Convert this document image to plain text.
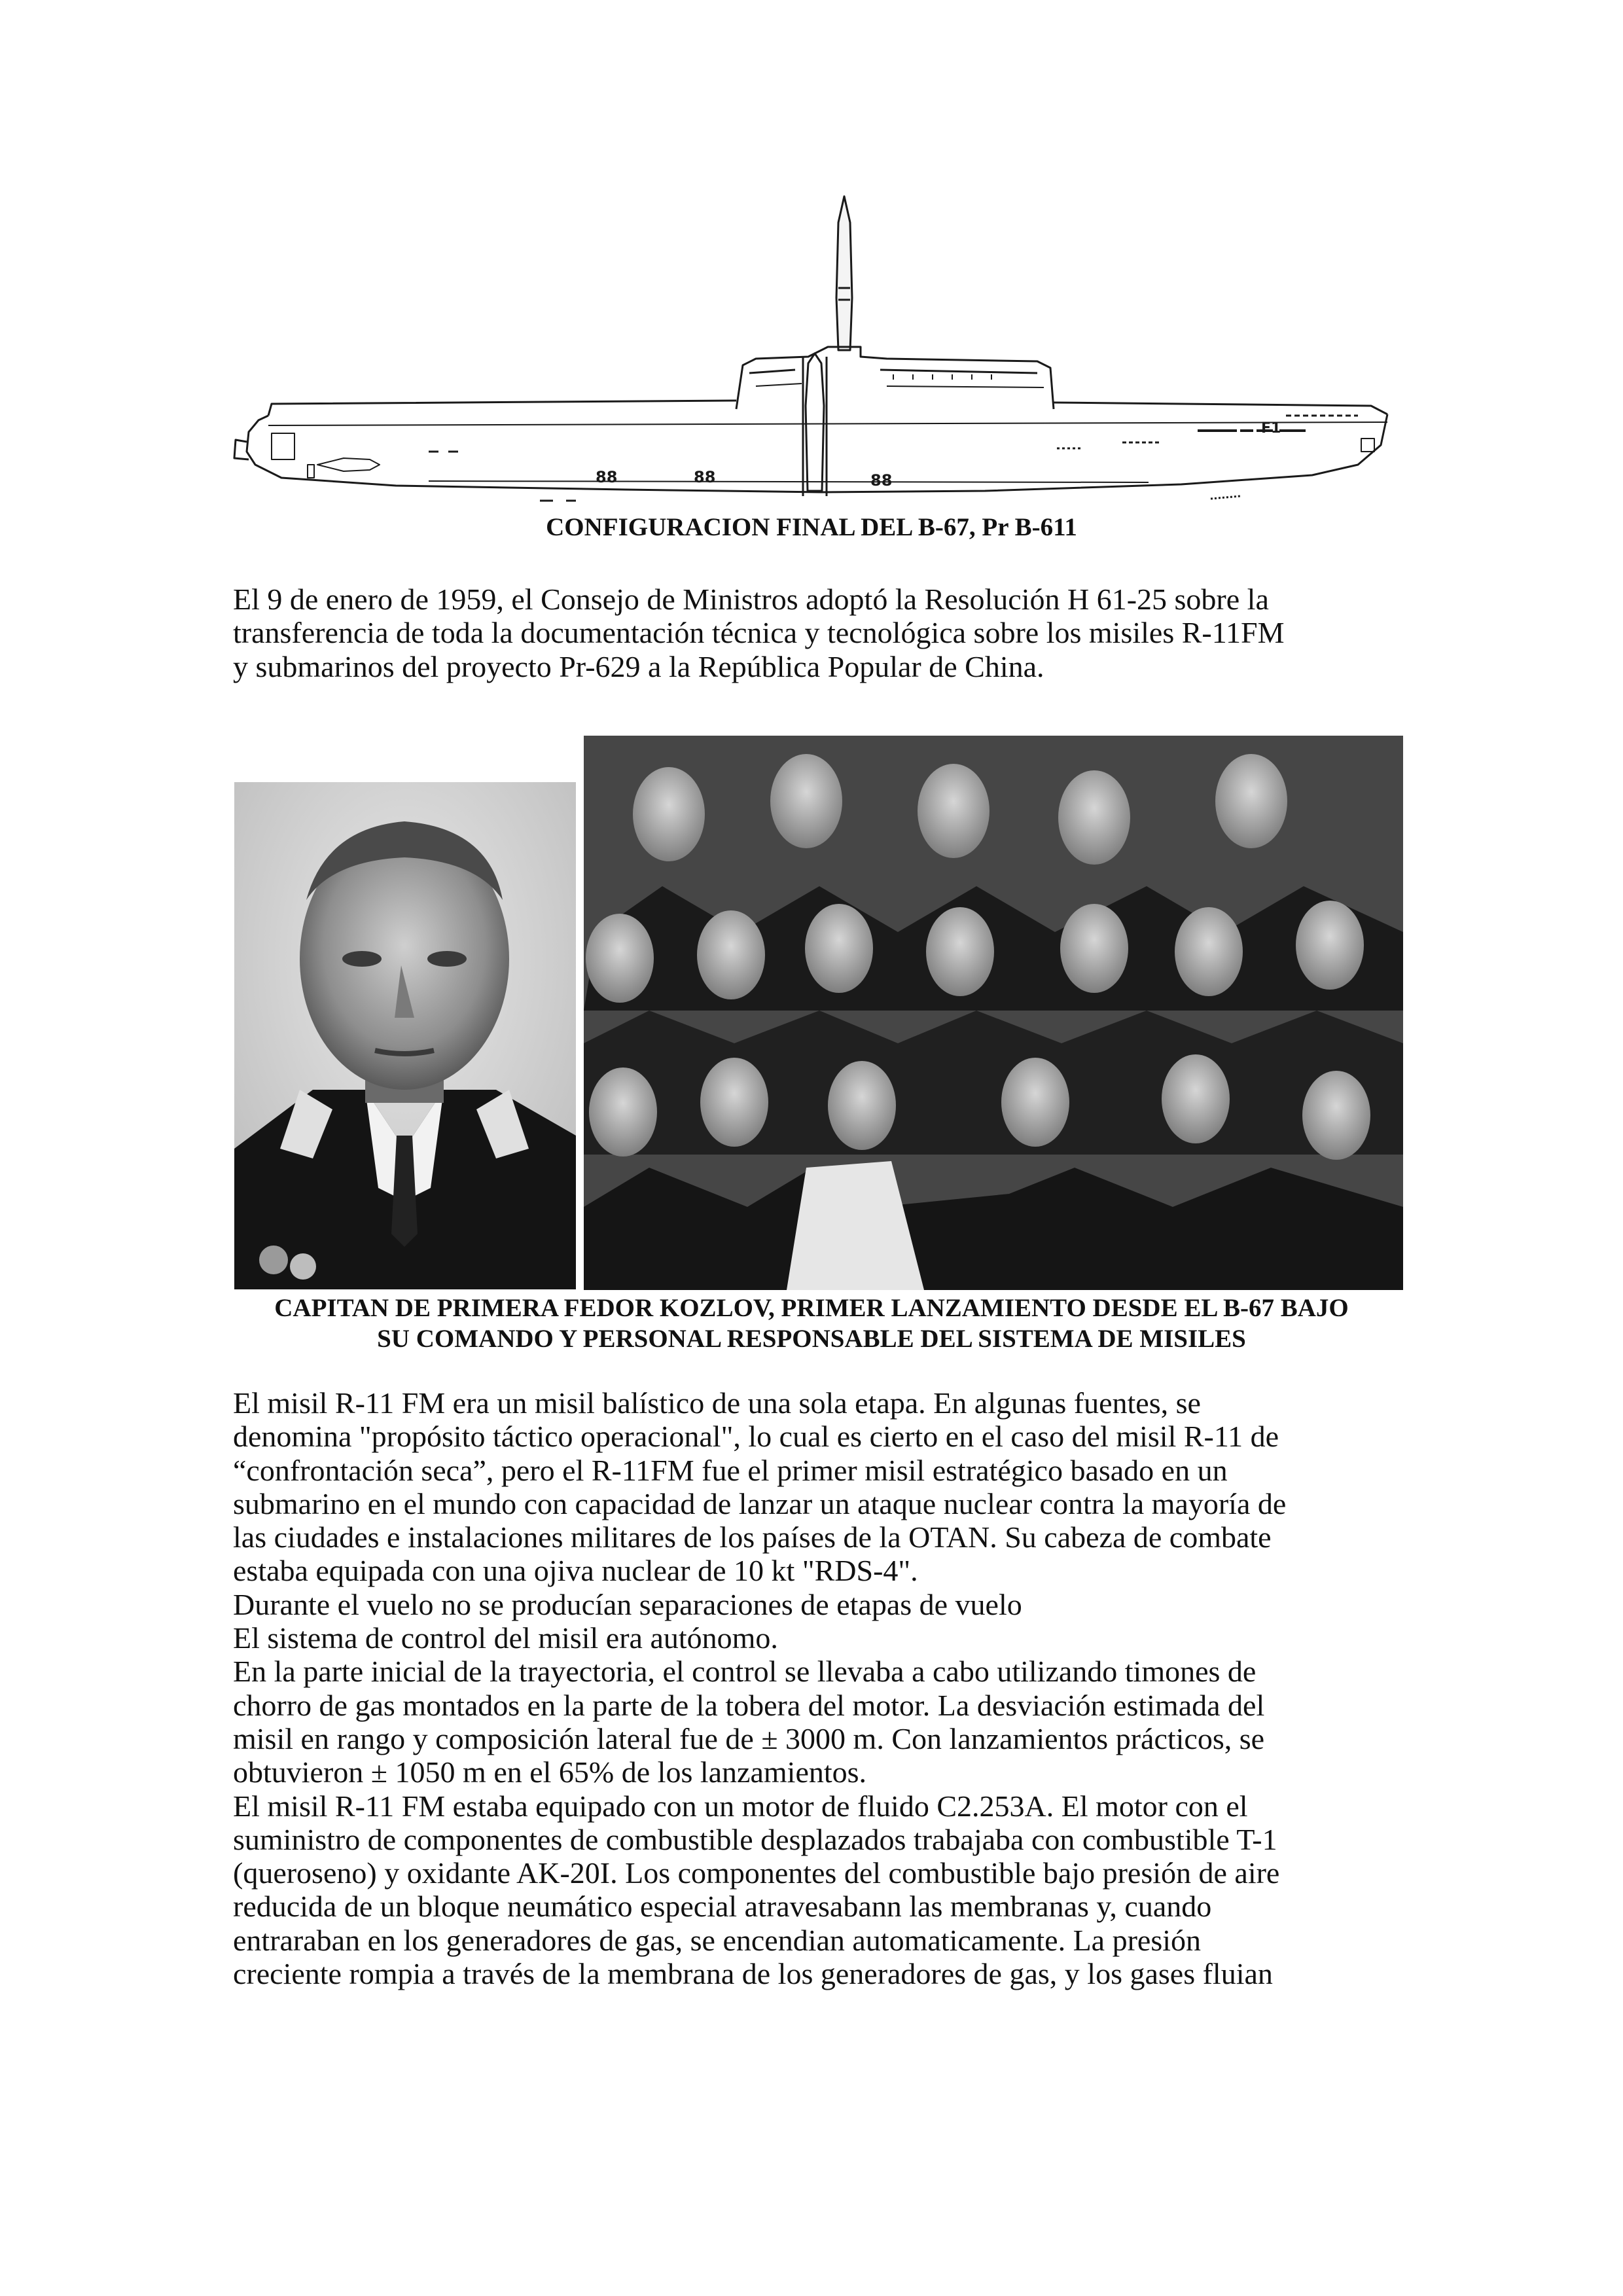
88	88	88
F1

CONFIGURACION FINAL DEL B-67, Pr B-611

El 9 de enero de 1959, el Consejo de Ministros adoptó la Resolución H 61-25 sobre la
transferencia de toda la documentación técnica y tecnológica sobre los misiles R-11FM
y submarinos del proyecto Pr-629 a la República Popular de China.
CAPITAN DE PRIMERA FEDOR KOZLOV, PRIMER LANZAMIENTO DESDE EL B-67 BAJO
SU COMANDO Y PERSONAL RESPONSABLE DEL SISTEMA DE MISILES
El misil R-11 FM era un misil balístico de una sola etapa. En algunas fuentes, se
denomina "propósito táctico operacional", lo cual es cierto en el caso del misil R-11 de
“confrontación seca”, pero el R-11FM fue el primer misil estratégico basado en un
submarino en el mundo con capacidad de lanzar un ataque nuclear contra la mayoría de
las ciudades e instalaciones militares de los países de la OTAN. Su cabeza de combate
estaba equipada con una ojiva nuclear de 10 kt "RDS-4".
Durante el vuelo no se producían separaciones de etapas de vuelo
El sistema de control del misil era autónomo.
En la parte inicial de la trayectoria, el control se llevaba a cabo utilizando timones de
chorro de gas montados en la parte de la tobera del motor. La desviación estimada del
misil en rango y composición lateral fue de ± 3000 m. Con lanzamientos prácticos, se
obtuvieron ± 1050 m en el 65% de los lanzamientos.
El misil R-11 FM estaba equipado con un motor de fluido C2.253A. El motor con el
suministro de componentes de combustible desplazados trabajaba con combustible T-1
(queroseno) y oxidante AK-20I. Los componentes del combustible bajo presión de aire
reducida de un bloque neumático especial atravesabann las membranas y, cuando
entraraban en los generadores de gas, se encendian automaticamente. La presión
creciente rompia a través de la membrana de los generadores de gas, y los gases fluian
